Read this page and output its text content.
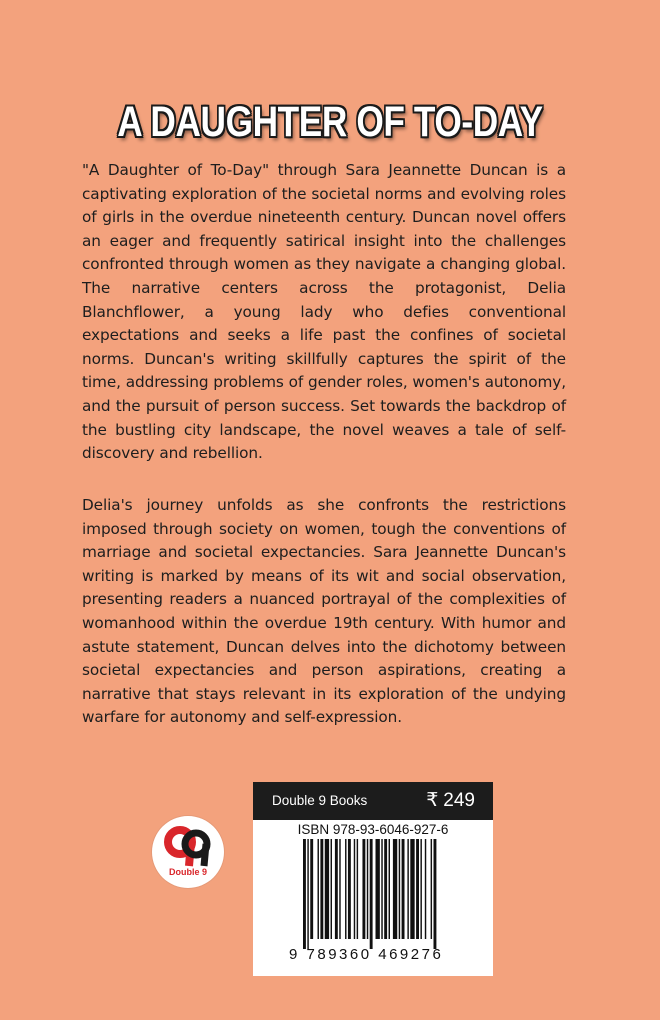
A DAUGHTER OF TO-DAY

"A Daughter of To-Day" through Sara Jeannette Duncan is a captivating exploration of the societal norms and evolving roles of girls in the overdue nineteenth century. Duncan novel offers an eager and frequently satirical insight into the challenges confronted through women as they navigate a changing global. The narrative centers across the protagonist, Delia Blanchflower, a young lady who defies conventional expectations and seeks a life past the confines of societal norms. Duncan's writing skillfully captures the spirit of the time, addressing problems of gender roles, women's autonomy, and the pursuit of person success. Set towards the backdrop of the bustling city landscape, the novel weaves a tale of self-discovery and rebellion.

Delia's journey unfolds as she confronts the restrictions imposed through society on women, tough the conventions of marriage and societal expectancies. Sara Jeannette Duncan's writing is marked by means of its wit and social observation, presenting readers a nuanced portrayal of the complexities of womanhood within the overdue 19th century. With humor and astute statement, Duncan delves into the dichotomy between societal expectancies and person aspirations, creating a narrative that stays relevant in its exploration of the undying warfare for autonomy and self-expression.

Double 9
Double 9 Books	₹ 249
ISBN 978-93-6046-927-6
9 789360 469276
